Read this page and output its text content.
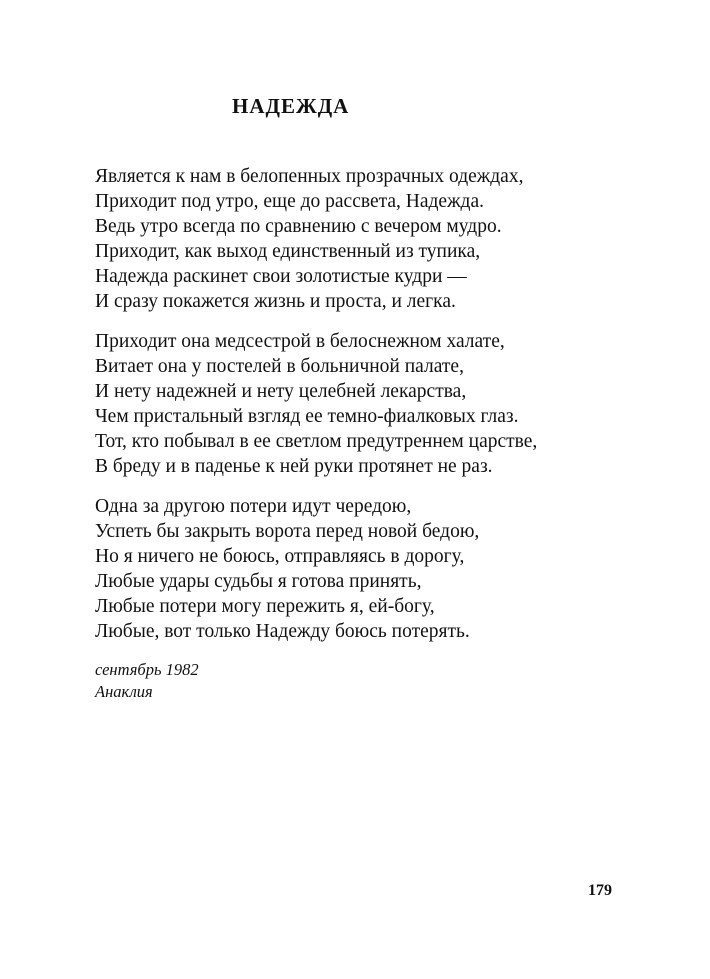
НАДЕЖДА
Является к нам в белопенных прозрачных одеждах,
Приходит под утро, еще до рассвета, Надежда.
Ведь утро всегда по сравнению с вечером мудро.
Приходит, как выход единственный из тупика,
Надежда раскинет свои золотистые кудри —
И сразу покажется жизнь и проста, и легка.
Приходит она медсестрой в белоснежном халате,
Витает она у постелей в больничной палате,
И нету надежней и нету целебней лекарства,
Чем пристальный взгляд ее темно-фиалковых глаз.
Тот, кто побывал в ее светлом предутреннем царстве,
В бреду и в паденье к ней руки протянет не раз.
Одна за другою потери идут чередою,
Успеть бы закрыть ворота перед новой бедою,
Но я ничего не боюсь, отправляясь в дорогу,
Любые удары судьбы я готова принять,
Любые потери могу пережить я, ей-богу,
Любые, вот только Надежду боюсь потерять.
сентябрь 1982
Анаклия
179
